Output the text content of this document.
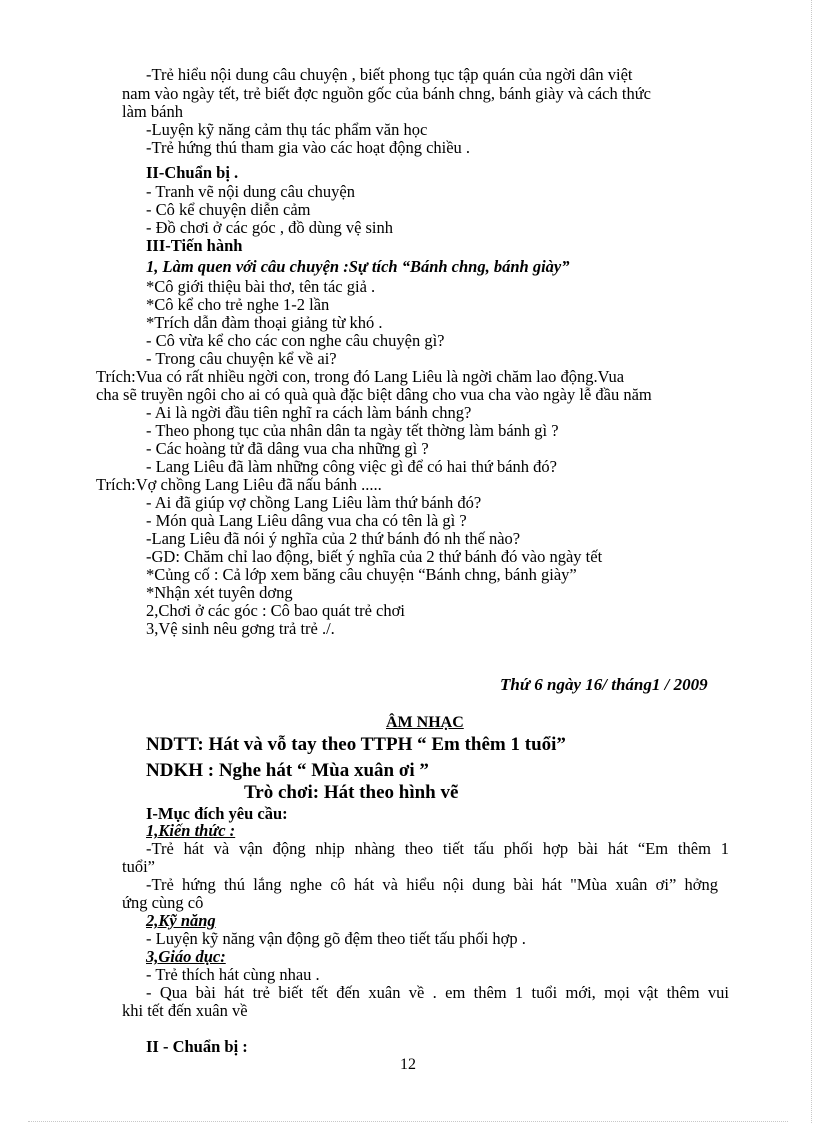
-Trẻ hiểu nội dung câu chuyện , biết phong tục tập quán của ngời dân việt
nam vào ngày tết, trẻ biết đợc nguồn gốc của bánh chng, bánh giày và cách thức
làm bánh
-Luyện kỹ năng cảm thụ tác phẩm văn học
-Trẻ hứng thú tham gia vào các hoạt động chiều .
II-Chuẩn bị .
- Tranh vẽ nội dung câu chuyện
- Cô kể chuyện diễn cảm
- Đồ chơi ở các góc , đồ dùng vệ sinh
III-Tiến hành
1, Làm quen với câu chuyện :Sự tích “Bánh chng, bánh giày”
*Cô giới thiệu bài thơ, tên tác giả .
*Cô kể cho trẻ nghe 1-2 lần
*Trích dẫn đàm thoại giảng từ khó .
- Cô vừa kể cho các con nghe câu chuyện gì?
- Trong câu chuyện kể về ai?
Trích:Vua có rất nhiều ngời con, trong đó Lang Liêu là ngời chăm lao động.Vua
cha sẽ truyền ngôi cho ai có quà quà đặc biệt dâng cho vua cha vào ngày lễ đầu năm
- Ai là ngời đầu tiên nghĩ ra cách làm bánh chng?
- Theo phong tục của nhân dân ta ngày tết thờng làm bánh gì ?
- Các hoàng tử đã dâng vua cha những gì ?
- Lang Liêu đã làm những công việc gì để có hai thứ bánh đó?
Trích:Vợ chồng Lang Liêu đã nấu bánh .....
- Ai đã giúp vợ chồng Lang Liêu làm thứ bánh đó?
- Món quà Lang Liêu dâng vua cha có tên là gì ?
-Lang Liêu đã nói ý nghĩa của 2 thứ bánh đó nh thế nào?
-GD: Chăm chỉ lao động, biết ý nghĩa của 2 thứ bánh đó vào ngày tết
*Củng cố : Cả lớp xem băng câu chuyện “Bánh chng, bánh giày”
*Nhận xét tuyên dơng
2,Chơi ở các góc : Cô bao quát trẻ chơi
3,Vệ sinh nêu gơng trả trẻ ./.
Thứ 6 ngày 16/ tháng1 / 2009
ÂM NHẠC
NDTT: Hát và vỗ tay theo TTPH “ Em thêm 1 tuổi”
NDKH : Nghe hát “ Mùa xuân ơi ”
Trò chơi: Hát theo hình vẽ
I-Mục đích yêu cầu:
1,Kiến thức :
-Trẻ hát và vận động nhịp nhàng theo tiết tấu phối hợp bài hát “Em thêm 1
tuổi”
-Trẻ hứng thú lắng nghe cô hát và hiểu nội dung bài hát "Mùa xuân ơi” hởng
ứng cùng cô
2,Kỹ năng
- Luyện kỹ năng vận động gõ đệm theo tiết tấu phối hợp .
3,Giáo dục:
- Trẻ thích hát cùng nhau .
- Qua bài hát trẻ biết tết đến xuân về . em thêm 1 tuổi mới, mọi vật thêm vui
khi tết đến xuân về
II - Chuẩn bị :
12
